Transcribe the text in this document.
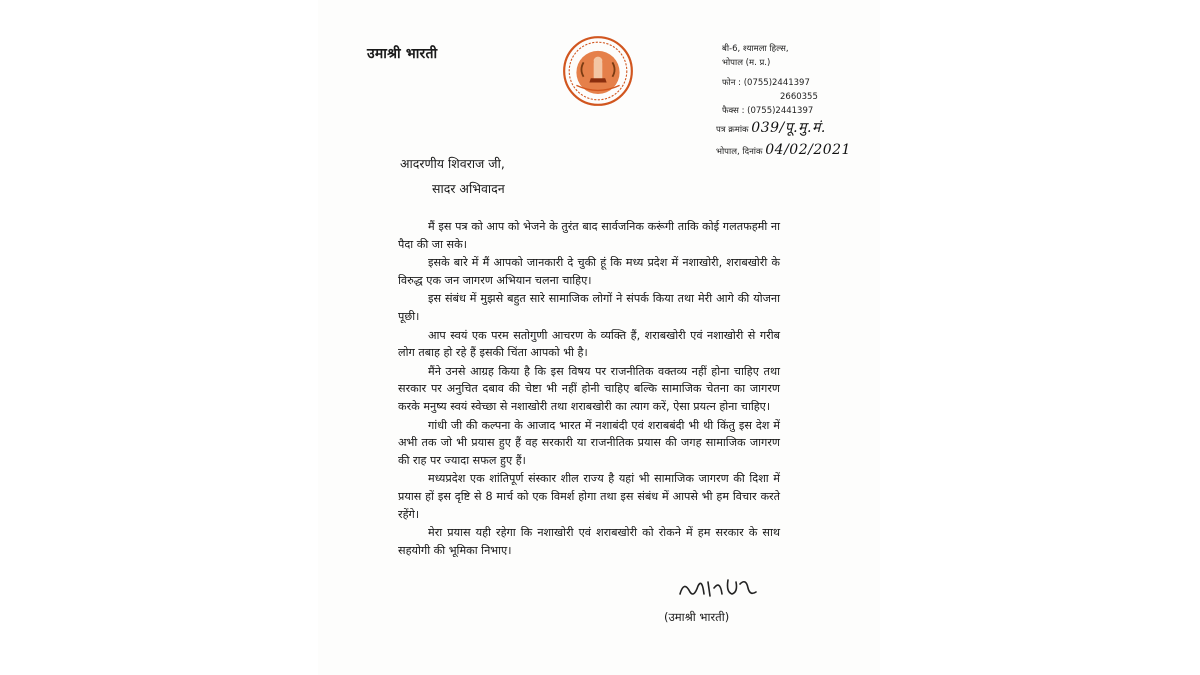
उमाश्री भारती	बी-6, श्यामला हिल्स,
भोपाल (म. प्र.)
फोन : (0755)2441397
2660355
फैक्स : (0755)2441397
पत्र क्रमांक 039/पू.मु.मं.
भोपाल, दिनांक 04/02/2021
आदरणीय शिवराज जी,
सादर अभिवादन

मैं इस पत्र को आप को भेजने के तुरंत बाद सार्वजनिक करूंगी ताकि कोई गलतफहमी ना पैदा की जा सके।

इसके बारे में मैं आपको जानकारी दे चुकी हूं कि मध्य प्रदेश में नशाखोरी, शराबखोरी के विरुद्ध एक जन जागरण अभियान चलना चाहिए।

इस संबंध में मुझसे बहुत सारे सामाजिक लोगों ने संपर्क किया तथा मेरी आगे की योजना पूछी।

आप स्वयं एक परम सतोगुणी आचरण के व्यक्ति हैं, शराबखोरी एवं नशाखोरी से गरीब लोग तबाह हो रहे हैं इसकी चिंता आपको भी है।

मैंने उनसे आग्रह किया है कि इस विषय पर राजनीतिक वक्तव्य नहीं होना चाहिए तथा सरकार पर अनुचित दबाव की चेष्टा भी नहीं होनी चाहिए बल्कि सामाजिक चेतना का जागरण करके मनुष्य स्वयं स्वेच्छा से नशाखोरी तथा शराबखोरी का त्याग करें, ऐसा प्रयत्न होना चाहिए।

गांधी जी की कल्पना के आजाद भारत में नशाबंदी एवं शराबबंदी भी थी किंतु इस देश में अभी तक जो भी प्रयास हुए हैं वह सरकारी या राजनीतिक प्रयास की जगह सामाजिक जागरण की राह पर ज्यादा सफल हुए हैं।

मध्यप्रदेश एक शांतिपूर्ण संस्कार शील राज्य है यहां भी सामाजिक जागरण की दिशा में प्रयास हों इस दृष्टि से 8 मार्च को एक विमर्श होगा तथा इस संबंध में आपसे भी हम विचार करते रहेंगे।

मेरा प्रयास यही रहेगा कि नशाखोरी एवं शराबखोरी को रोकने में हम सरकार के साथ सहयोगी की भूमिका निभाए।

(उमाश्री भारती)
